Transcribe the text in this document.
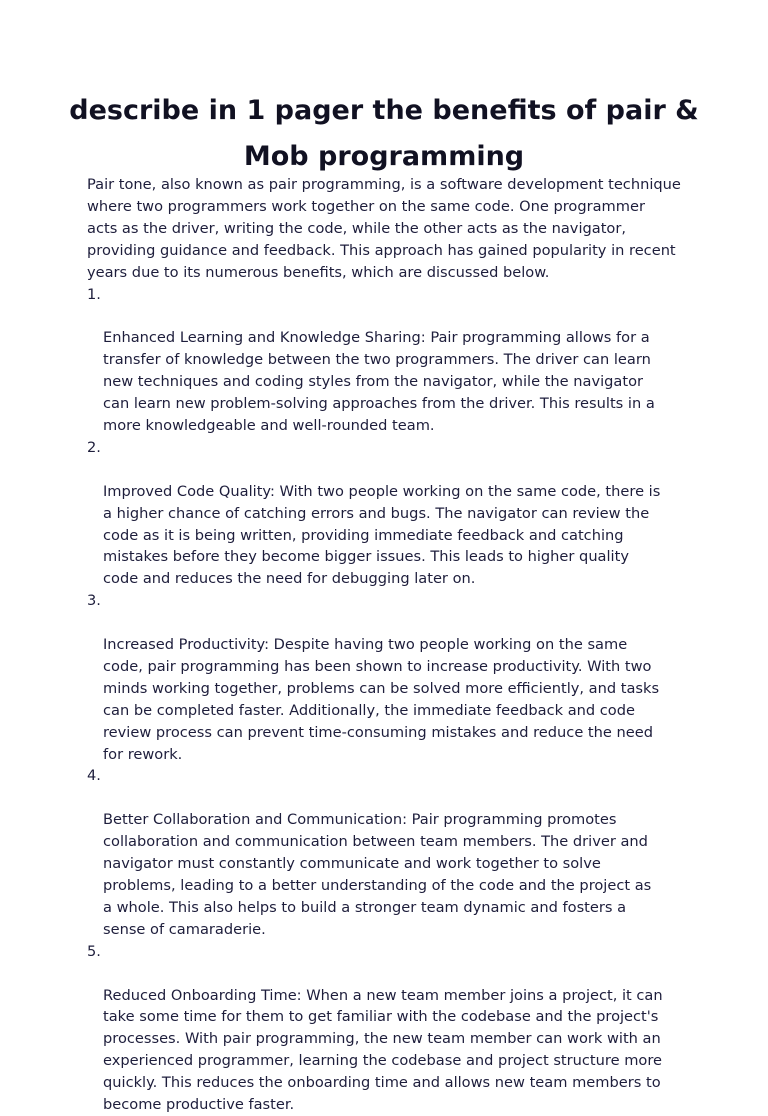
describe in 1 pager the benefits of pair & Mob programming

Pair tone, also known as pair programming, is a software development technique
where two programmers work together on the same code. One programmer
acts as the driver, writing the code, while the other acts as the navigator,
providing guidance and feedback. This approach has gained popularity in recent
years due to its numerous benefits, which are discussed below.

1.

Enhanced Learning and Knowledge Sharing: Pair programming allows for a
transfer of knowledge between the two programmers. The driver can learn
new techniques and coding styles from the navigator, while the navigator
can learn new problem-solving approaches from the driver. This results in a
more knowledgeable and well-rounded team.

2.

Improved Code Quality: With two people working on the same code, there is
a higher chance of catching errors and bugs. The navigator can review the
code as it is being written, providing immediate feedback and catching
mistakes before they become bigger issues. This leads to higher quality
code and reduces the need for debugging later on.

3.

Increased Productivity: Despite having two people working on the same
code, pair programming has been shown to increase productivity. With two
minds working together, problems can be solved more efficiently, and tasks
can be completed faster. Additionally, the immediate feedback and code
review process can prevent time-consuming mistakes and reduce the need
for rework.

4.

Better Collaboration and Communication: Pair programming promotes
collaboration and communication between team members. The driver and
navigator must constantly communicate and work together to solve
problems, leading to a better understanding of the code and the project as
a whole. This also helps to build a stronger team dynamic and fosters a
sense of camaraderie.

5.

Reduced Onboarding Time: When a new team member joins a project, it can
take some time for them to get familiar with the codebase and the project's
processes. With pair programming, the new team member can work with an
experienced programmer, learning the codebase and project structure more
quickly. This reduces the onboarding time and allows new team members to
become productive faster.
